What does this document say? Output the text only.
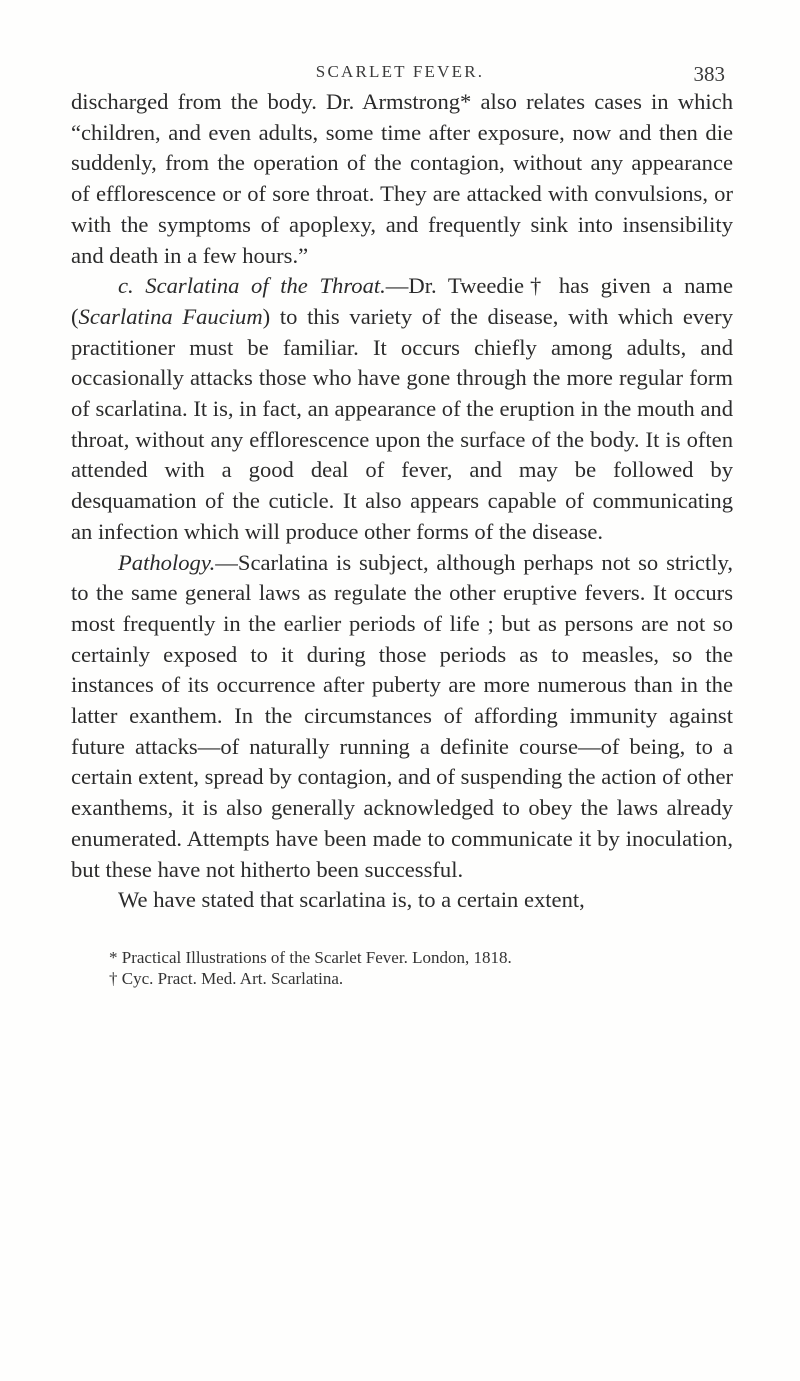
SCARLET FEVER.	383

discharged from the body. Dr. Armstrong* also relates cases in which “children, and even adults, some time after exposure, now and then die suddenly, from the operation of the contagion, without any appearance of efflorescence or of sore throat. They are attacked with convulsions, or with the symptoms of apoplexy, and frequently sink into insensibility and death in a few hours.”

c. Scarlatina of the Throat.—Dr. Tweedie† has given a name (Scarlatina Faucium) to this variety of the disease, with which every practitioner must be familiar. It occurs chiefly among adults, and occasionally attacks those who have gone through the more regular form of scarlatina. It is, in fact, an appearance of the eruption in the mouth and throat, without any efflorescence upon the surface of the body. It is often attended with a good deal of fever, and may be followed by desquamation of the cuticle. It also appears capable of communicating an infection which will produce other forms of the disease.

Pathology.—Scarlatina is subject, although perhaps not so strictly, to the same general laws as regulate the other eruptive fevers. It occurs most frequently in the earlier periods of life ; but as persons are not so certainly exposed to it during those periods as to measles, so the instances of its occurrence after puberty are more numerous than in the latter exanthem. In the circumstances of affording immunity against future attacks—of naturally running a definite course—of being, to a certain extent, spread by contagion, and of suspending the action of other exanthems, it is also generally acknowledged to obey the laws already enumerated. Attempts have been made to communicate it by inoculation, but these have not hitherto been successful.

We have stated that scarlatina is, to a certain extent,

* Practical Illustrations of the Scarlet Fever. London, 1818.

† Cyc. Pract. Med. Art. Scarlatina.
